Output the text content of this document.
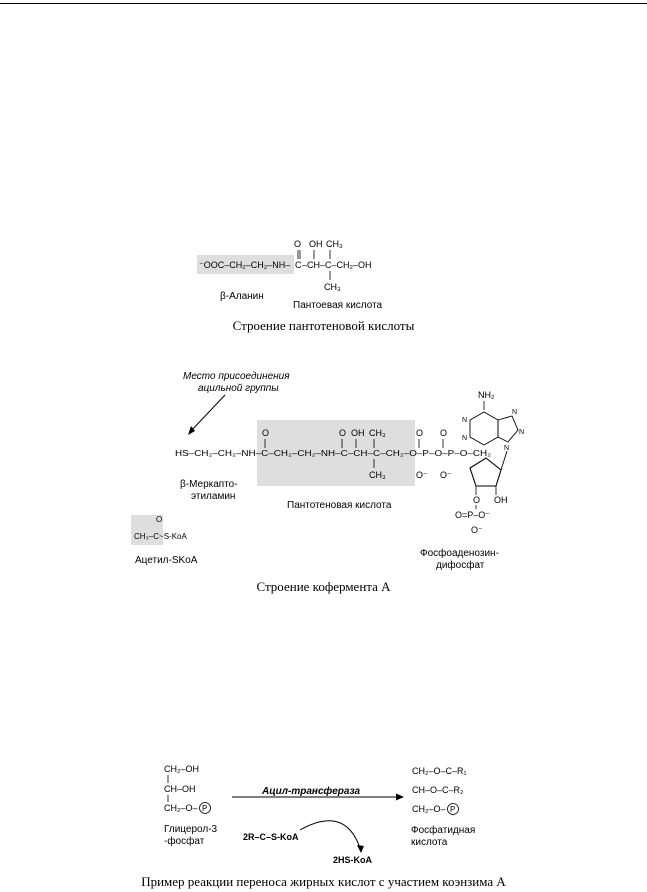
⁻OOC–CH₂–CH₂–NH– C
O
–CH–
OH
C–CH₂–OH
CH₃
CH₃
β-Аланин
Пантоевая кислота
Место присоединения
ацильной группы
HS–CH₂–CH₂–NH–C–CH₂–CH₂–NH–C–CH–C–CH₂–O–P–O–P–O–CH₂
O	O OH CH₃
CH₃
O
O⁻
O
O⁻
NH₂
N
N
N
N
N
O OH
O=P–O⁻
O⁻
β-Меркапто-
этиламин
Пантотеновая кислота
CH₃–C~S-KoA
O
Ацетил-SKoA
Фосфоаденозин-
дифосфат
CH₂–OH
CH–OH
CH₂–O– P
Ацил-трансфераза
2R–C–S-KoA
2HS-KoA
CH₂–O–C–R₁
CH–O–C–R₂
CH₂–O– P
Глицерол-3
-фосфат
Фосфатидная
кислота
Строение пантотеновой кислоты
Строение кофермента А
Пример реакции переноса жирных кислот с участием коэнзима А
